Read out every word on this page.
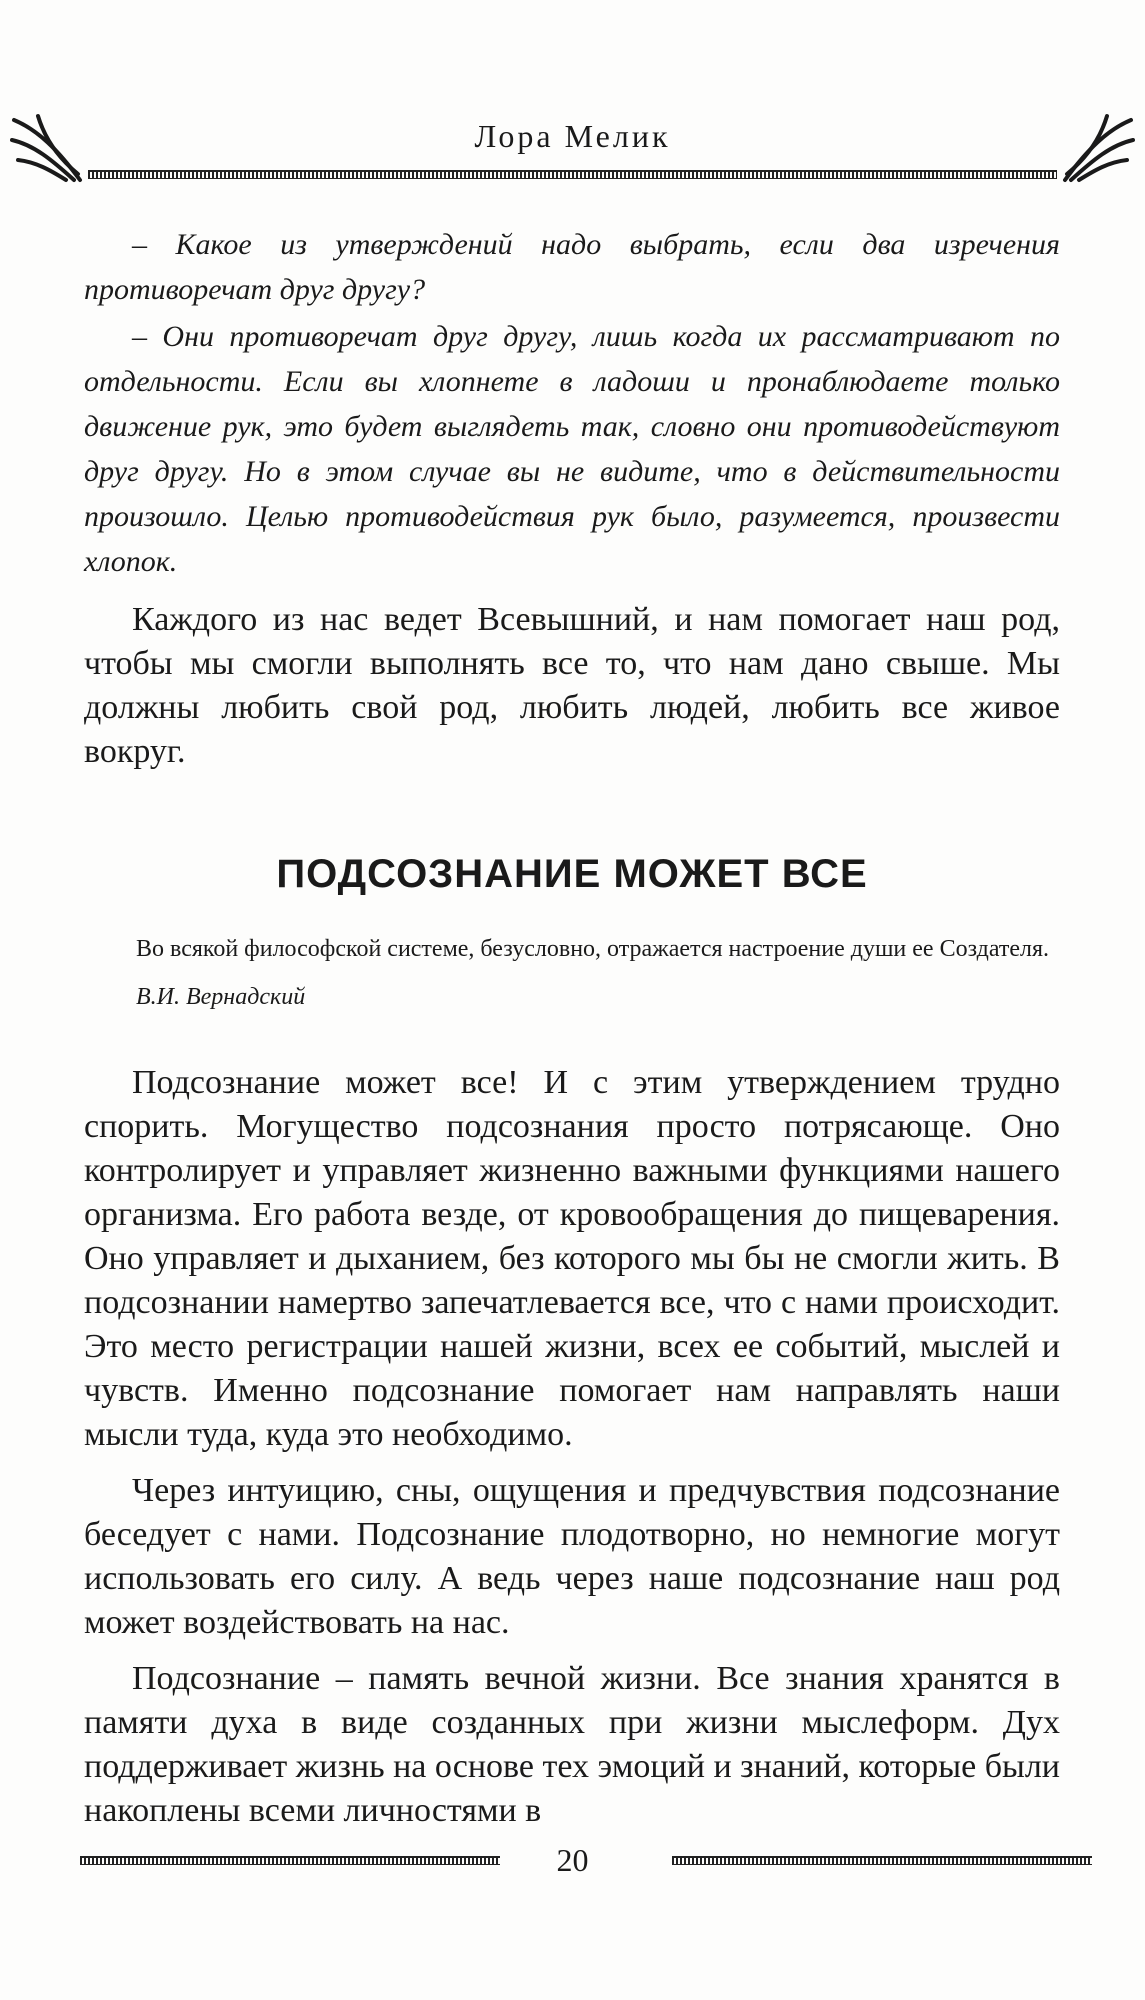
Лора Мелик

– Какое из утверждений надо выбрать, если два изречения противоречат друг другу?

– Они противоречат друг другу, лишь когда их рассматривают по отдельности. Если вы хлопнете в ладоши и пронаблюдаете только движение рук, это будет выглядеть так, словно они противодействуют друг другу. Но в этом случае вы не видите, что в действительности произошло. Целью противодействия рук было, разумеется, произвести хлопок.

Каждого из нас ведет Всевышний, и нам помогает наш род, чтобы мы смогли выполнять все то, что нам дано свыше. Мы должны любить свой род, любить людей, любить все живое вокруг.

ПОДСОЗНАНИЕ МОЖЕТ ВСЕ

Во всякой философской системе, безусловно, отражается настроение души ее Создателя.

В.И. Вернадский

Подсознание может все! И с этим утверждением трудно спорить. Могущество подсознания просто потрясающе. Оно контролирует и управляет жизненно важными функциями нашего организма. Его работа везде, от кровообращения до пищеварения. Оно управляет и дыханием, без которого мы бы не смогли жить. В подсознании намертво запечатлевается все, что с нами происходит. Это место регистрации нашей жизни, всех ее событий, мыслей и чувств. Именно подсознание помогает нам направлять наши мысли туда, куда это необходимо.

Через интуицию, сны, ощущения и предчувствия подсознание беседует с нами. Подсознание плодотворно, но немногие могут использовать его силу. А ведь через наше подсознание наш род может воздействовать на нас.

Подсознание – память вечной жизни. Все знания хранятся в памяти духа в виде созданных при жизни мыслеформ. Дух поддерживает жизнь на основе тех эмоций и знаний, которые были накоплены всеми личностями в

20
